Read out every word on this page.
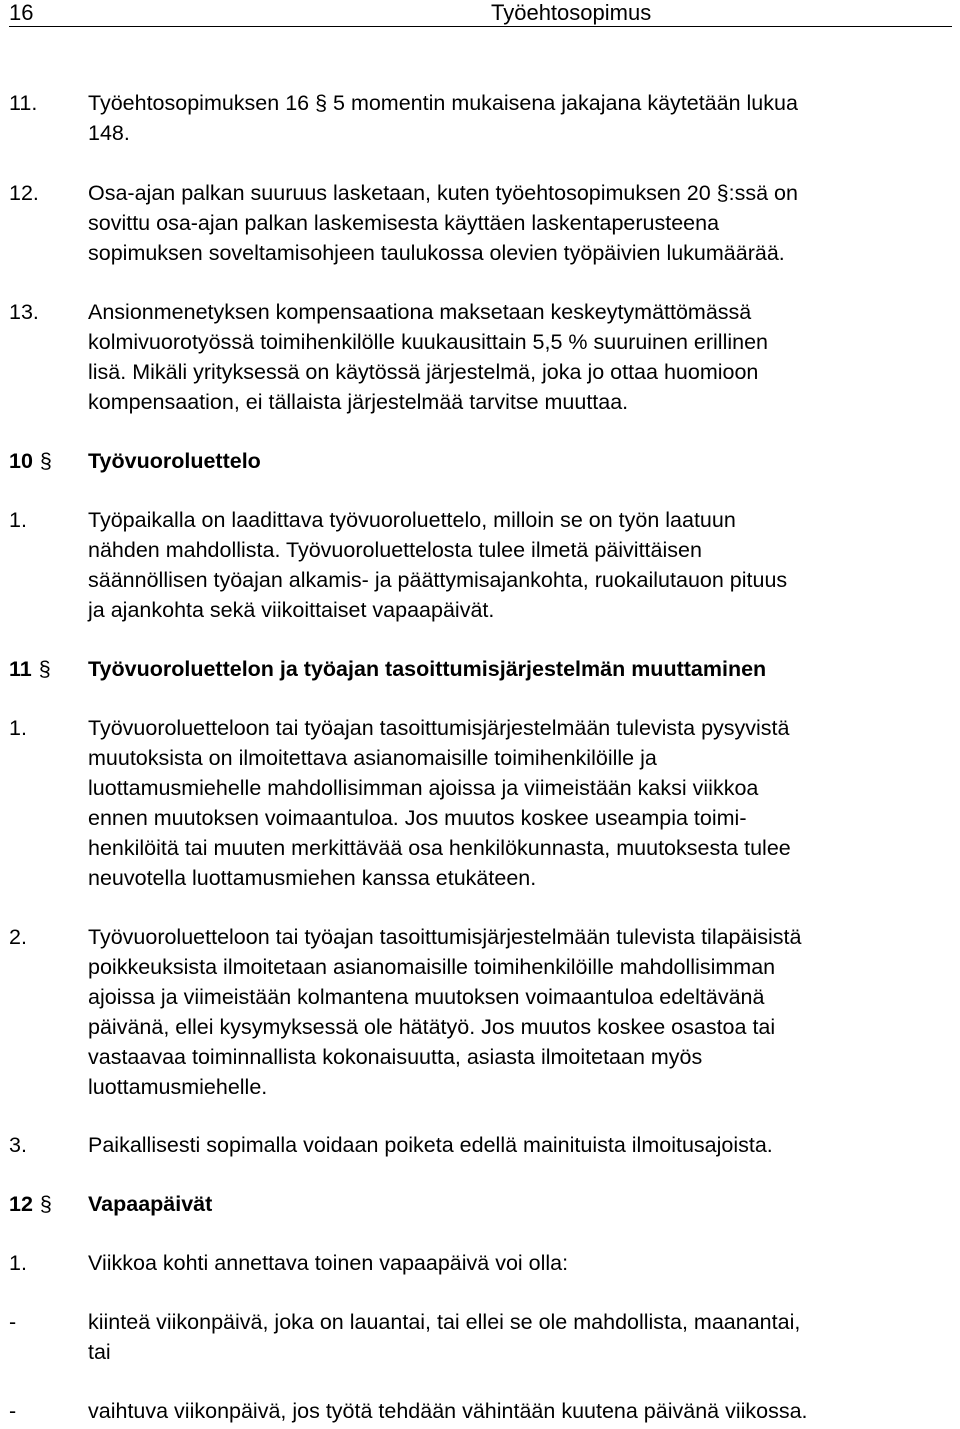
16	Työehtosopimus
11. Työehtosopimuksen 16 § 5 momentin mukaisena jakajana käytetään lukua
148.
12. Osa-ajan palkan suuruus lasketaan, kuten työehtosopimuksen 20 §:ssä on
sovittu osa-ajan palkan laskemisesta käyttäen laskentaperusteena
sopimuksen soveltamisohjeen taulukossa olevien työpäivien lukumäärää.
13. Ansionmenetyksen kompensaationa maksetaan keskeytymättömässä
kolmivuorotyössä toimihenkilölle kuukausittain 5,5 % suuruinen erillinen
lisä. Mikäli yrityksessä on käytössä järjestelmä, joka jo ottaa huomioon
kompensaation, ei tällaista järjestelmää tarvitse muuttaa.
10 § Työvuoroluettelo
1.	Työpaikalla on laadittava työvuoroluettelo, milloin se on työn laatuun
nähden mahdollista. Työvuoroluettelosta tulee ilmetä päivittäisen
säännöllisen työajan alkamis- ja päättymisajankohta, ruokailutauon pituus
ja ajankohta sekä viikoittaiset vapaapäivät.
11 § Työvuoroluettelon ja työajan tasoittumisjärjestelmän muuttaminen
1.	Työvuoroluetteloon tai työajan tasoittumisjärjestelmään tulevista pysyvistä
muutoksista on ilmoitettava asianomaisille toimihenkilöille ja
luottamusmiehelle mahdollisimman ajoissa ja viimeistään kaksi viikkoa
ennen muutoksen voimaantuloa. Jos muutos koskee useampia toimi-
henkilöitä tai muuten merkittävää osa henkilökunnasta, muutoksesta tulee
neuvotella luottamusmiehen kanssa etukäteen.
2.	Työvuoroluetteloon tai työajan tasoittumisjärjestelmään tulevista tilapäisistä
poikkeuksista ilmoitetaan asianomaisille toimihenkilöille mahdollisimman
ajoissa ja viimeistään kolmantena muutoksen voimaantuloa edeltävänä
päivänä, ellei kysymyksessä ole hätätyö. Jos muutos koskee osastoa tai
vastaavaa toiminnallista kokonaisuutta, asiasta ilmoitetaan myös
luottamusmiehelle.
3.	Paikallisesti sopimalla voidaan poiketa edellä mainituista ilmoitusajoista.
12 § Vapaapäivät
1.	Viikkoa kohti annettava toinen vapaapäivä voi olla:
-	kiinteä viikonpäivä, joka on lauantai, tai ellei se ole mahdollista, maanantai,
tai
-	vaihtuva viikonpäivä, jos työtä tehdään vähintään kuutena päivänä viikossa.
